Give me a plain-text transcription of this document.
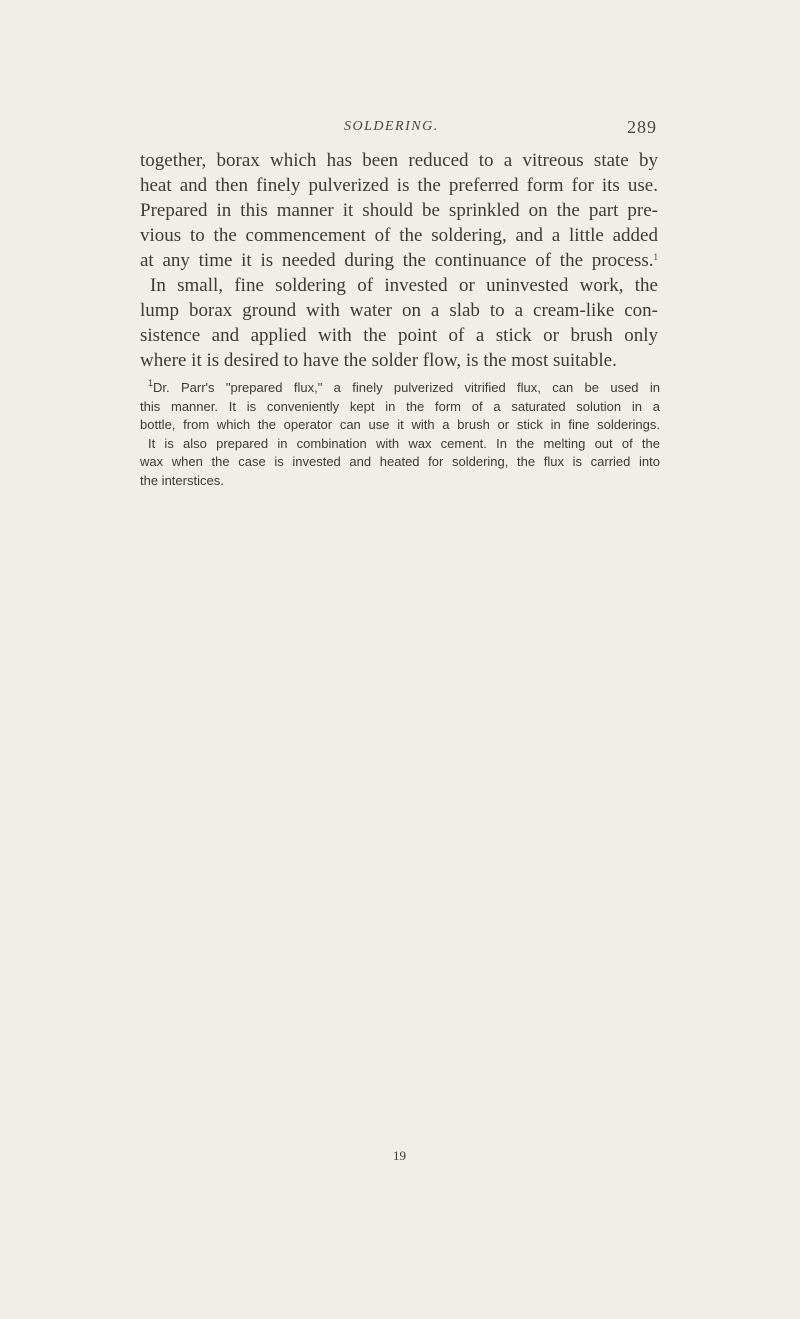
SOLDERING.	289
together, borax which has been reduced to a vitreous state by
heat and then finely pulverized is the preferred form for its use.
Prepared in this manner it should be sprinkled on the part pre-
vious to the commencement of the soldering, and a little added
at any time it is needed during the continuance of the process.$^1$
In small, fine soldering of invested or uninvested work, the
lump borax ground with water on a slab to a cream-like con-
sistence and applied with the point of a stick or brush only
where it is desired to have the solder flow, is the most suitable.
$^1$Dr. Parr's "prepared flux," a finely pulverized vitrified flux, can be used in
this manner. It is conveniently kept in the form of a saturated solution in a
bottle, from which the operator can use it with a brush or stick in fine solderings.
It is also prepared in combination with wax cement. In the melting out of the
wax when the case is invested and heated for soldering, the flux is carried into
the interstices.
19
